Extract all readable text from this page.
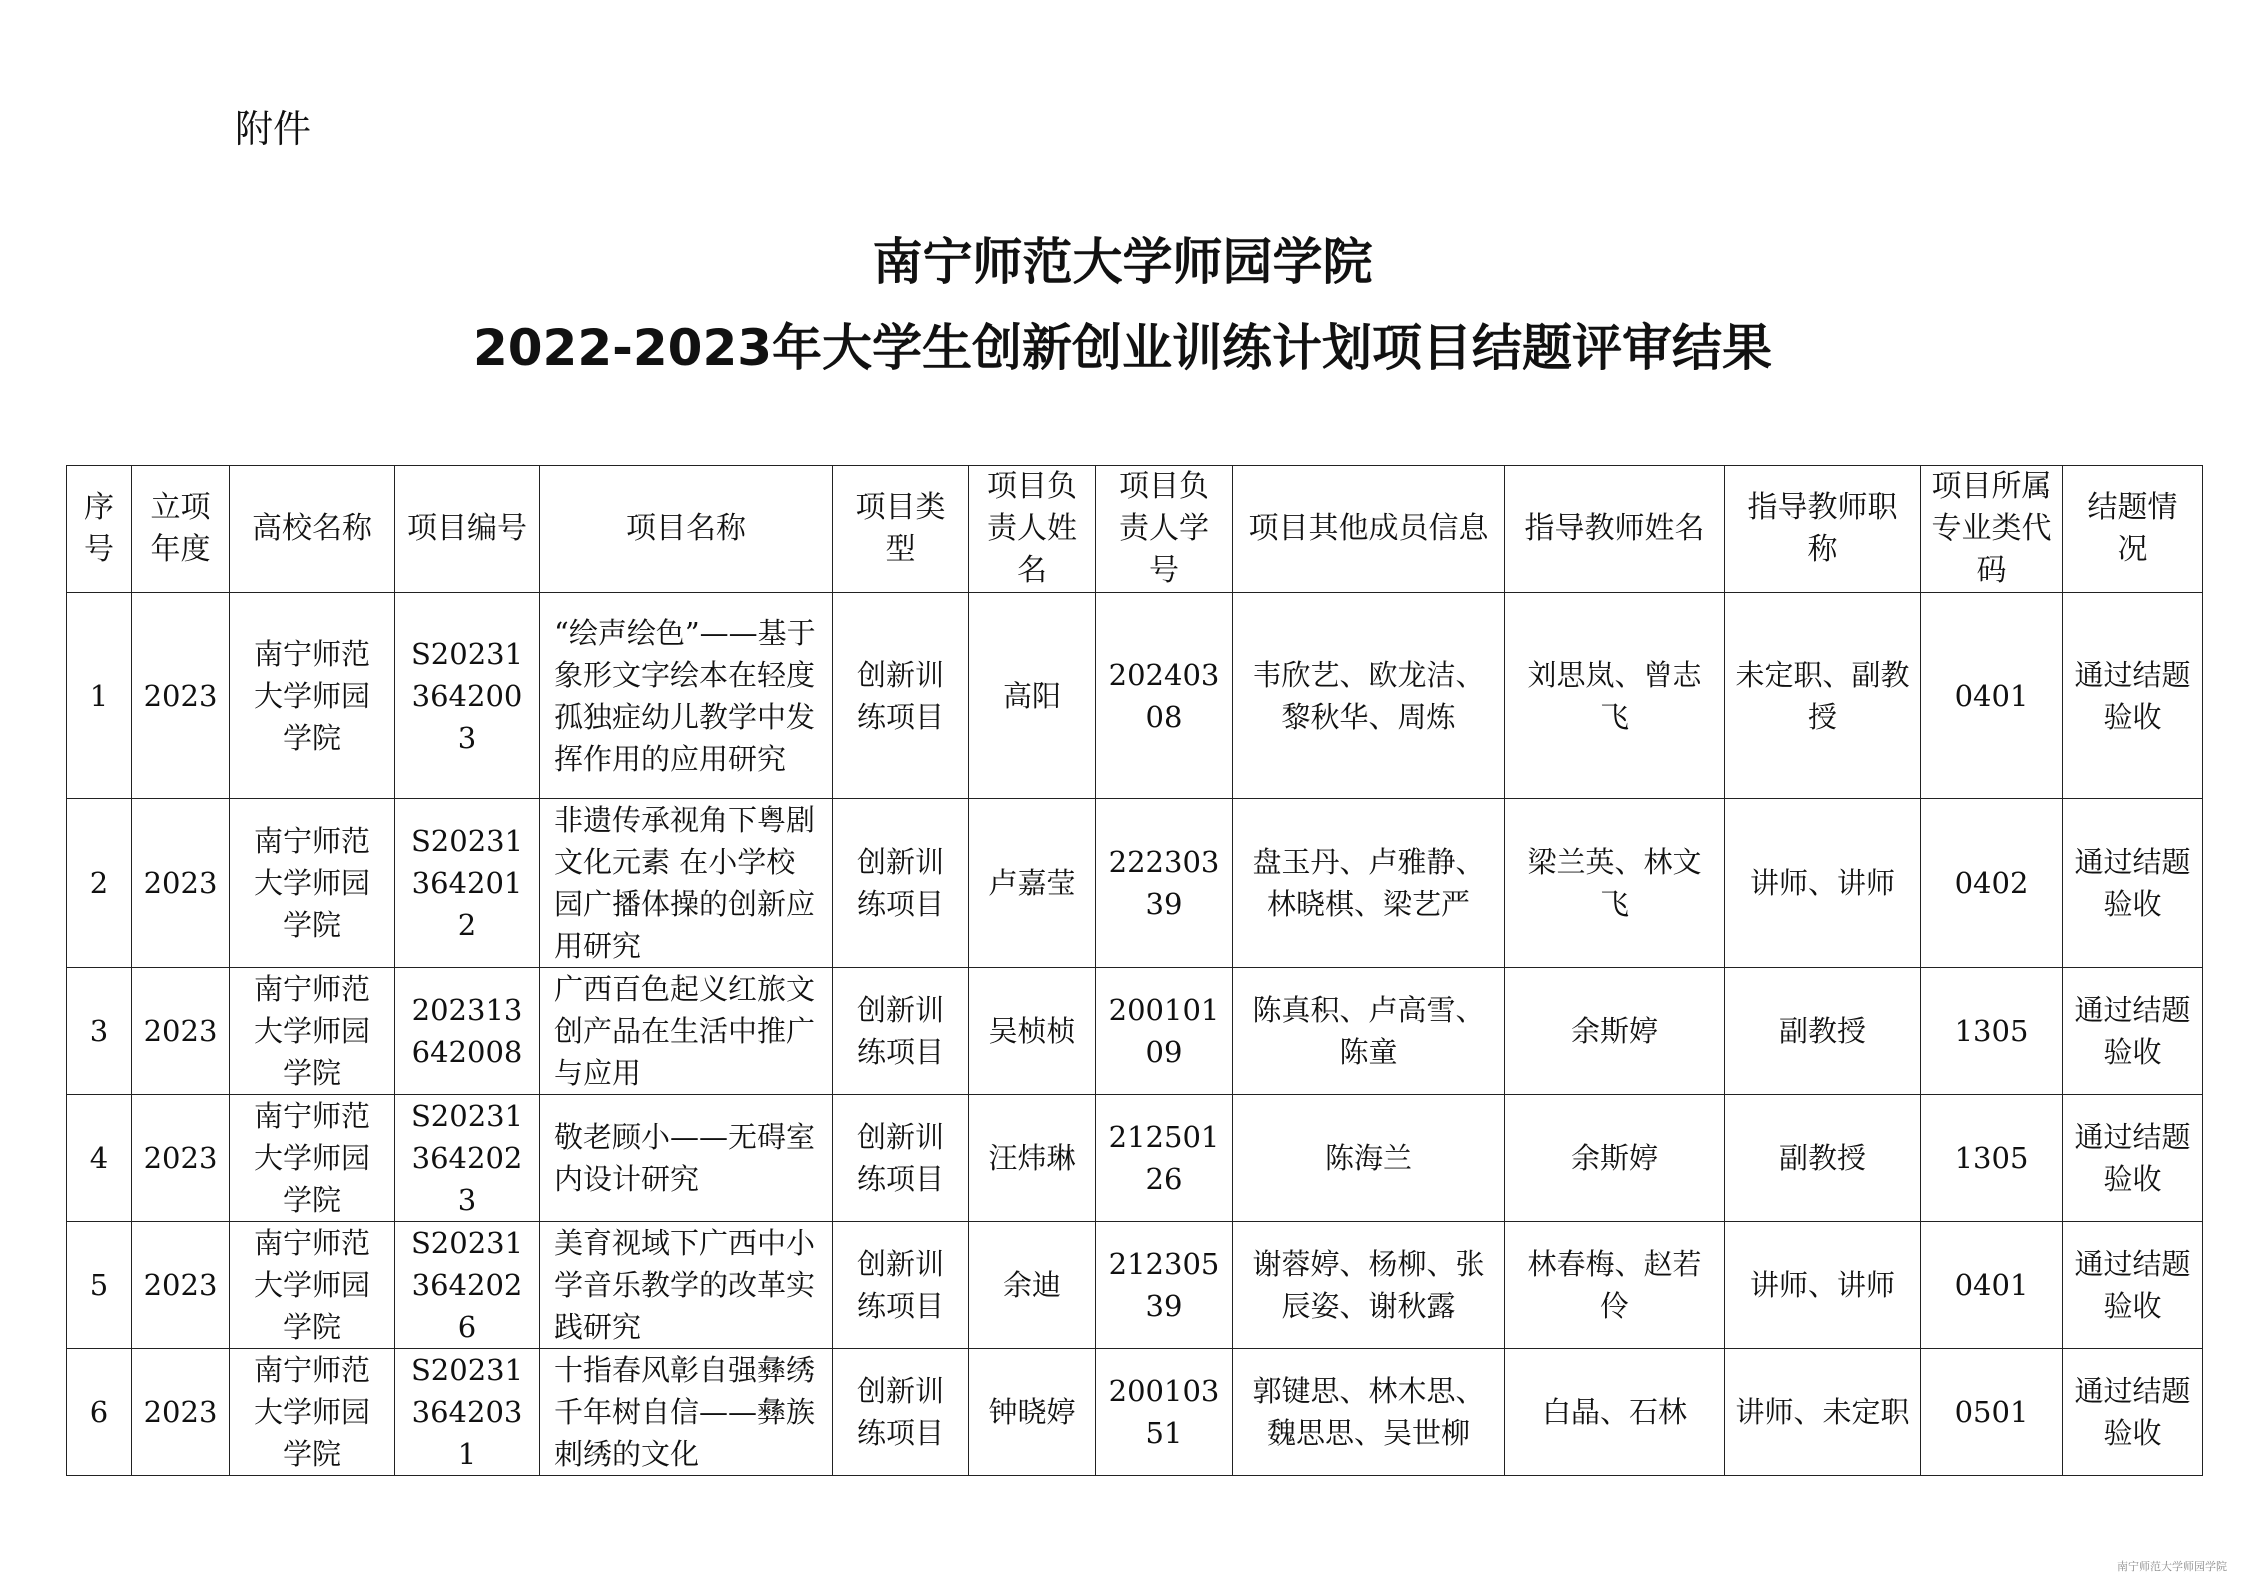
附件
南宁师范大学师园学院
2022-2023年大学生创新创业训练计划项目结题评审结果
序号	立项年度	高校名称	项目编号	项目名称	项目类型	项目负责人姓名	项目负责人学号	项目其他成员信息	指导教师姓名	指导教师职称	项目所属专业类代码	结题情况
1	2023	南宁师范大学师园学院	S202313642003	“绘声绘色”——基于象形文字绘本在轻度孤独症幼儿教学中发挥作用的应用研究	创新训练项目	高阳	20240308	韦欣艺、欧龙洁、黎秋华、周炼	刘思岚、曾志飞	未定职、副教授	0401	通过结题验收
2	2023	南宁师范大学师园学院	S202313642012	非遗传承视角下粤剧文化元素 在小学校园广播体操的创新应用研究	创新训练项目	卢嘉莹	22230339	盘玉丹、卢雅静、林晓棋、梁艺严	梁兰英、林文飞	讲师、讲师	0402	通过结题验收
3	2023	南宁师范大学师园学院	202313642008	广西百色起义红旅文创产品在生活中推广与应用	创新训练项目	吴桢桢	20010109	陈真积、卢高雪、陈童	余斯婷	副教授	1305	通过结题验收
4	2023	南宁师范大学师园学院	S202313642023	敬老顾小——无碍室内设计研究	创新训练项目	汪炜琳	21250126	陈海兰	余斯婷	副教授	1305	通过结题验收
5	2023	南宁师范大学师园学院	S202313642026	美育视域下广西中小学音乐教学的改革实践研究	创新训练项目	余迪	21230539	谢蓉婷、杨柳、张辰姿、谢秋露	林春梅、赵若伶	讲师、讲师	0401	通过结题验收
6	2023	南宁师范大学师园学院	S202313642031	十指春风彰自强彝绣千年树自信——彝族刺绣的文化	创新训练项目	钟晓婷	20010351	郭键思、林木思、魏思思、吴世柳	白晶、石林	讲师、未定职	0501	通过结题验收
南宁师范大学师园学院
